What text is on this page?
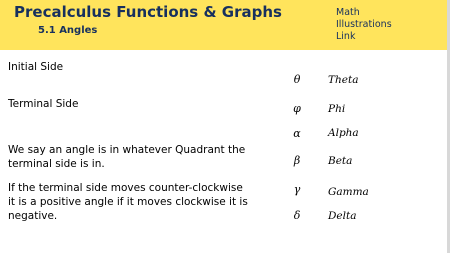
Precalculus Functions & Graphs
5.1 Angles
Math
Illustrations
Link
Initial Side
Terminal Side
We say an angle is in whatever Quadrant the
terminal side is in.
If the terminal side moves counter-clockwise
it is a positive angle if it moves clockwise it is
negative.
θ	Theta
φ	Phi
α	Alpha
β	Beta
γ	Gamma
δ	Delta
